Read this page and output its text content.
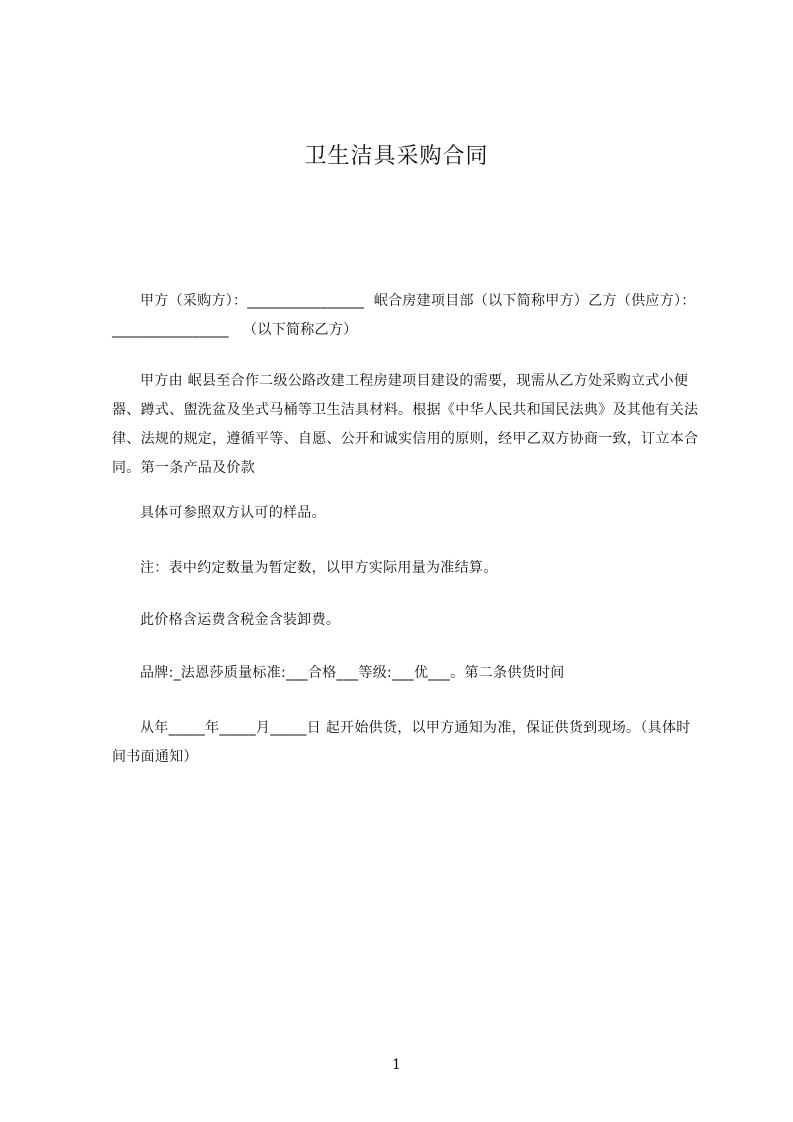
卫生洁具采购合同
甲方（采购方）：________________  岷合房建项目部（以下简称甲方）乙方（供应方）：________________   （以下简称乙方）
甲方由 岷县至合作二级公路改建工程房建项目建设的需要，现需从乙方处采购立式小便器、蹲式、盥洗盆及坐式马桶等卫生洁具材料。根据《中华人民共和国民法典》及其他有关法律、法规的规定，遵循平等、自愿、公开和诚实信用的原则，经甲乙双方协商一致，订立本合同。第一条产品及价款
具体可参照双方认可的样品。
注：表中约定数量为暂定数，以甲方实际用量为准结算。
此价格含运费含税金含装卸费。
品牌:_法恩莎质量标准:___合格___等级:___优___。第二条供货时间
从年_____年_____月_____日 起开始供货，以甲方通知为准，保证供货到现场。（具体时间书面通知）
1
